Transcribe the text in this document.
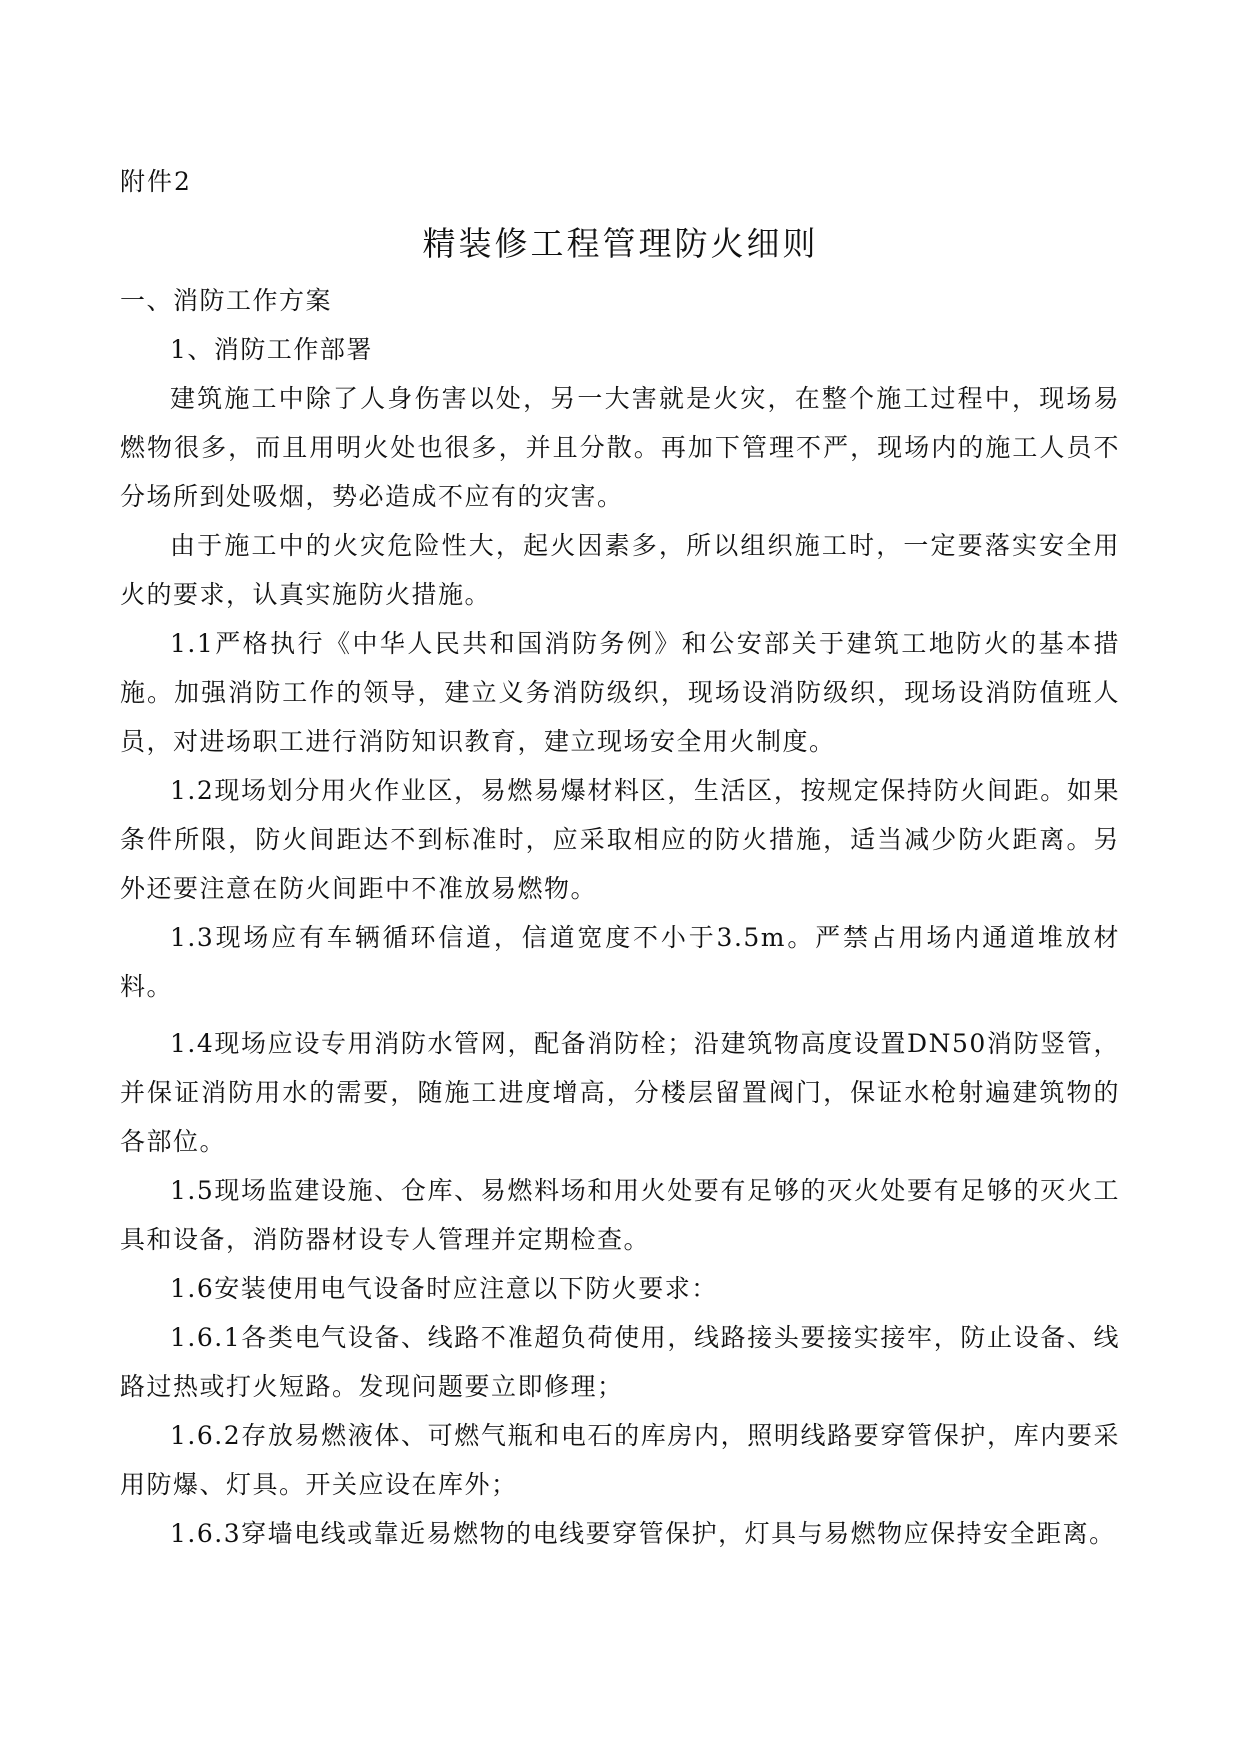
附件2
精装修工程管理防火细则

一、消防工作方案

1、消防工作部署

建筑施工中除了人身伤害以处，另一大害就是火灾，在整个施工过程中，现场易燃物很多，而且用明火处也很多，并且分散。再加下管理不严，现场内的施工人员不分场所到处吸烟，势必造成不应有的灾害。

由于施工中的火灾危险性大，起火因素多，所以组织施工时，一定要落实安全用火的要求，认真实施防火措施。

1.1严格执行《中华人民共和国消防务例》和公安部关于建筑工地防火的基本措施。加强消防工作的领导，建立义务消防级织，现场设消防级织，现场设消防值班人员，对进场职工进行消防知识教育，建立现场安全用火制度。

1.2现场划分用火作业区，易燃易爆材料区，生活区，按规定保持防火间距。如果条件所限，防火间距达不到标准时，应采取相应的防火措施，适当减少防火距离。另外还要注意在防火间距中不准放易燃物。

1.3现场应有车辆循环信道，信道宽度不小于3.5m。严禁占用场内通道堆放材料。

1.4现场应设专用消防水管网，配备消防栓；沿建筑物高度设置DN50消防竖管，并保证消防用水的需要，随施工进度增高，分楼层留置阀门，保证水枪射遍建筑物的各部位。

1.5现场监建设施、仓库、易燃料场和用火处要有足够的灭火处要有足够的灭火工具和设备，消防器材设专人管理并定期检查。

1.6安装使用电气设备时应注意以下防火要求：

1.6.1各类电气设备、线路不准超负荷使用，线路接头要接实接牢，防止设备、线路过热或打火短路。发现问题要立即修理；

1.6.2存放易燃液体、可燃气瓶和电石的库房内，照明线路要穿管保护，库内要采用防爆、灯具。开关应设在库外；

1.6.3穿墙电线或靠近易燃物的电线要穿管保护，灯具与易燃物应保持安全距离。
